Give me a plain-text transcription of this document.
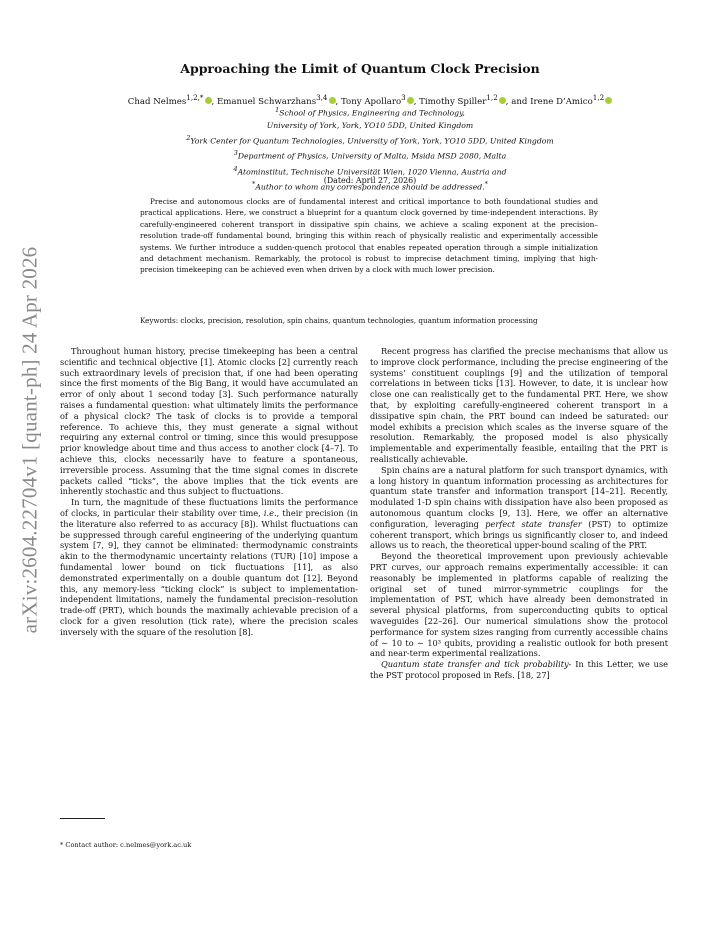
arXiv:2604.22704v1 [quant-ph] 24 Apr 2026
Approaching the Limit of Quantum Clock Precision
Chad Nelmes$^{1,2,*}$ , Emanuel Schwarzhans$^{3,4}$ , Tony Apollaro$^3$ , Timothy Spiller$^{1,2}$ , and Irene D’Amico$^{1,2}$
$^1$School of Physics, Engineering and Technology,
University of York, York, YO10 5DD, United Kingdom
$^2$York Center for Quantum Technologies, University of York, York, YO10 5DD, United Kingdom
$^3$Department of Physics, University of Malta, Msida MSD 2080, Malta
$^4$Atominstitut, Technische Universität Wien, 1020 Vienna, Austria and
*Author to whom any correspondence should be addressed.*
(Dated: April 27, 2026)

Precise and autonomous clocks are of fundamental interest and critical importance to both foundational studies and practical applications. Here, we construct a blueprint for a quantum clock governed by time-independent interactions. By carefully-engineered coherent transport in dissipative spin chains, we achieve a scaling exponent at the precision–resolution trade-off fundamental bound, bringing this within reach of physically realistic and experimentally accessible systems. We further introduce a sudden-quench protocol that enables repeated operation through a simple initialization and detachment mechanism. Remarkably, the protocol is robust to imprecise detachment timing, implying that high-precision timekeeping can be achieved even when driven by a clock with much lower precision.

Keywords: clocks, precision, resolution, spin chains, quantum technologies, quantum information processing

Throughout human history, precise timekeeping has been a central scientific and technical objective [1]. Atomic clocks [2] currently reach such extraordinary levels of precision that, if one had been operating since the first moments of the Big Bang, it would have accumulated an error of only about 1 second today [3]. Such performance naturally raises a fundamental question: what ultimately limits the performance of a physical clock? The task of clocks is to provide a temporal reference. To achieve this, they must generate a signal without requiring any external control or timing, since this would presuppose prior knowledge about time and thus access to another clock [4–7]. To achieve this, clocks necessarily have to feature a spontaneous, irreversible process. Assuming that the time signal comes in discrete packets called “ticks”, the above implies that the tick events are inherently stochastic and thus subject to fluctuations.

In turn, the magnitude of these fluctuations limits the performance of clocks, in particular their stability over time, i.e., their precision (in the literature also referred to as accuracy [8]). Whilst fluctuations can be suppressed through careful engineering of the underlying quantum system [7, 9], they cannot be eliminated: thermodynamic constraints akin to the thermodynamic uncertainty relations (TUR) [10] impose a fundamental lower bound on tick fluctuations [11], as also demonstrated experimentally on a double quantum dot [12]. Beyond this, any memory-less “ticking clock” is subject to implementation-independent limitations, namely the fundamental precision–resolution trade-off (PRT), which bounds the maximally achievable precision of a clock for a given resolution (tick rate), where the precision scales inversely with the square of the resolution [8].

Recent progress has clarified the precise mechanisms that allow us to improve clock performance, including the precise engineering of the systems’ constituent couplings [9] and the utilization of temporal correlations in between ticks [13]. However, to date, it is unclear how close one can realistically get to the fundamental PRT. Here, we show that, by exploiting carefully-engineered coherent transport in a dissipative spin chain, the PRT bound can indeed be saturated: our model exhibits a precision which scales as the inverse square of the resolution. Remarkably, the proposed model is also physically implementable and experimentally feasible, entailing that the PRT is realistically achievable.

Spin chains are a natural platform for such transport dynamics, with a long history in quantum information processing as architectures for quantum state transfer and information transport [14–21]. Recently, modulated 1-D spin chains with dissipation have also been proposed as autonomous quantum clocks [9, 13]. Here, we offer an alternative configuration, leveraging perfect state transfer (PST) to optimize coherent transport, which brings us significantly closer to, and indeed allows us to reach, the theoretical upper-bound scaling of the PRT.

Beyond the theoretical improvement upon previously achievable PRT curves, our approach remains experimentally accessible: it can reasonably be implemented in platforms capable of realizing the original set of tuned mirror-symmetric couplings for the implementation of PST, which have already been demonstrated in several physical platforms, from superconducting qubits to optical waveguides [22–26]. Our numerical simulations show the protocol performance for system sizes ranging from currently accessible chains of ∼ 10 to ∼ 10³ qubits, providing a realistic outlook for both present and near-term experimental realizations.

Quantum state transfer and tick probability- In this Letter, we use the PST protocol proposed in Refs. [18, 27]

* Contact author: c.nelmes@york.ac.uk
